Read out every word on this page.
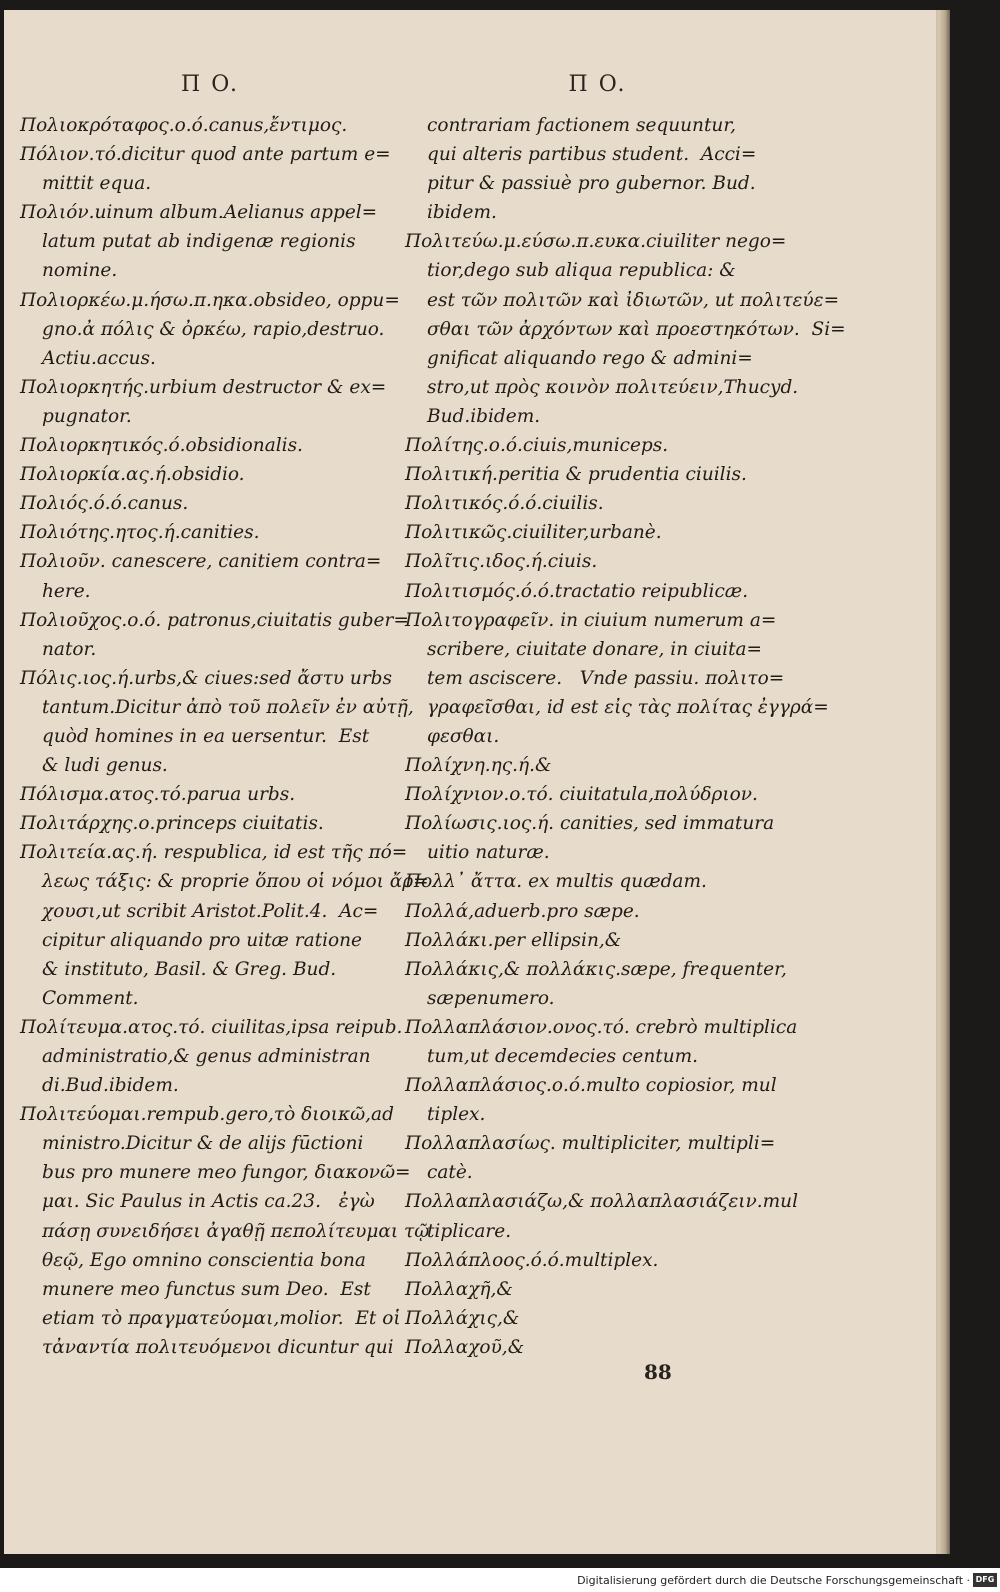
Π O.
Πολιοκρόταφος.ο.ό.canus,ἔντιμος.
Πόλιον.τό.dicitur quod ante partum e=
mittit equa.
Πολιόν.uinum album.Aelianus appel=
latum putat ab indigenæ regionis
nomine.
Πολιορκέω.μ.ήσω.π.ηκα.obsideo, oppu=
gno.ἀ πόλις & ὀρκέω, rapio,destruo.
Actiu.accus.
Πολιορκητής.urbium destructor & ex=
pugnator.
Πολιορκητικός.ό.obsidionalis.
Πολιορκία.ας.ή.obsidio.
Πολιός.ό.ό.canus.
Πολιότης.ητος.ή.canities.
Πολιοῦν. canescere, canitiem contra=
here.
Πολιοῦχος.ο.ό. patronus,ciuitatis guber=
nator.
Πόλις.ιος.ή.urbs,& ciues:sed ἄστυ urbs
tantum.Dicitur ἀπὸ τοῦ πολεῖν ἐν αὐτῇ,
quòd homines in ea uersentur.  Est
& ludi genus.
Πόλισμα.ατος.τό.parua urbs.
Πολιτάρχης.ο.princeps ciuitatis.
Πολιτεία.ας.ή. respublica, id est τῆς πό=
λεως τάξις: & proprie ὅπου οἱ νόμοι ἄρ=
χουσι,ut scribit Aristot.Polit.4.  Ac=
cipitur aliquando pro uitæ ratione
& instituto, Basil. & Greg. Bud.
Comment.
Πολίτευμα.ατος.τό. ciuilitas,ipsa reipub.
administratio,& genus administran
di.Bud.ibidem.
Πολιτεύομαι.rempub.gero,τὸ διοικῶ,ad
ministro.Dicitur & de alijs fūctioni
bus pro munere meo fungor, διακονῶ=
μαι. Sic Paulus in Actis ca.23.   ἐγὼ
πάσῃ συνειδήσει ἀγαθῇ πεπολίτευμαι τῷ
θεῷ, Ego omnino conscientia bona
munere meo functus sum Deo.  Est
etiam τὸ πραγματεύομαι,molior.  Et οἱ
τἀναντία πολιτευόμενοι dicuntur qui
Π O.
contrariam factionem sequuntur,
qui alteris partibus student.  Acci=
pitur & passiuè pro gubernor. Bud.
ibidem.
Πολιτεύω.μ.εύσω.π.ευκα.ciuiliter nego=
tior,dego sub aliqua republica: &
est τῶν πολιτῶν καὶ ἰδιωτῶν, ut πολιτεύε=
σθαι τῶν ἀρχόντων καὶ προεστηκότων.  Si=
gnificat aliquando rego & admini=
stro,ut πρὸς κοινὸν πολιτεύειν,Thucyd.
Bud.ibidem.
Πολίτης.ο.ό.ciuis,municeps.
Πολιτική.peritia & prudentia ciuilis.
Πολιτικός.ό.ό.ciuilis.
Πολιτικῶς.ciuiliter,urbanè.
Πολῖτις.ιδος.ή.ciuis.
Πολιτισμός.ό.ό.tractatio reipublicæ.
Πολιτογραφεῖν. in ciuium numerum a=
scribere, ciuitate donare, in ciuita=
tem asciscere.   Vnde passiu. πολιτο=
γραφεῖσθαι, id est εἰς τὰς πολίτας ἐγγρά=
φεσθαι.
Πολίχνη.ης.ή.&
Πολίχνιον.ο.τό. ciuitatula,πολύδριον.
Πολίωσις.ιος.ή. canities, sed immatura
uitio naturæ.
Πολλ᾽ ἄττα. ex multis quædam.
Πολλά,aduerb.pro sæpe.
Πολλάκι.per ellipsin,&
Πολλάκις,& πολλάκις.sæpe, frequenter,
sæpenumero.
Πολλαπλάσιον.ονος.τό. crebrò multiplica
tum,ut decemdecies centum.
Πολλαπλάσιος.ο.ό.multo copiosior, mul
tiplex.
Πολλαπλασίως. multipliciter, multipli=
catè.
Πολλαπλασιάζω,& πολλαπλασιάζειν.mul
tiplicare.
Πολλάπλοος.ό.ό.multiplex.
Πολλαχῆ,&
Πολλάχις,&
Πολλαχοῦ,&
88
Digitalisierung gefördert durch die Deutsche Forschungsgemeinschaft · DFG
